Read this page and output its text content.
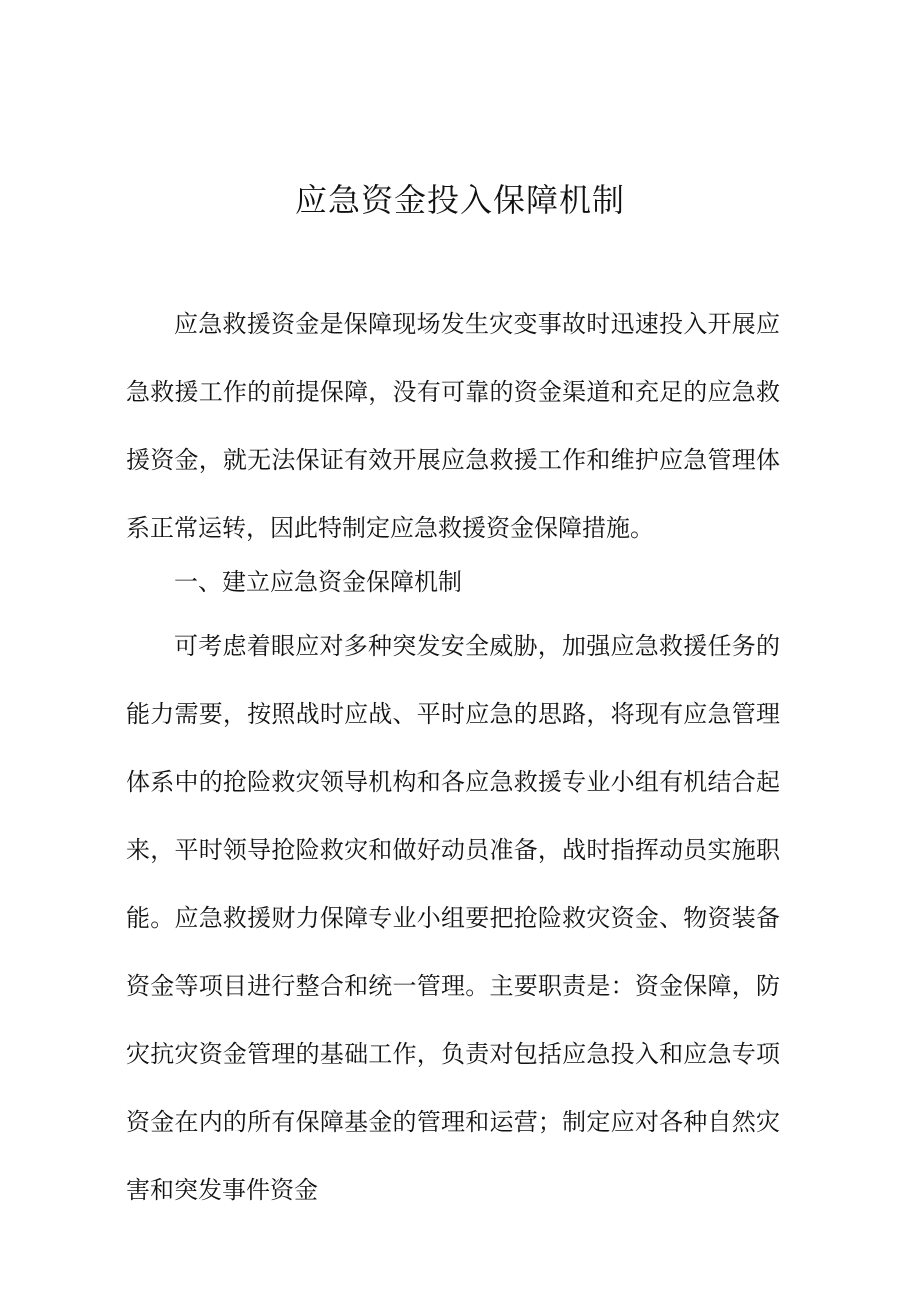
应急资金投入保障机制

应急救援资金是保障现场发生灾变事故时迅速投入开展应急救援工作的前提保障，没有可靠的资金渠道和充足的应急救援资金，就无法保证有效开展应急救援工作和维护应急管理体系正常运转，因此特制定应急救援资金保障措施。

一、建立应急资金保障机制

可考虑着眼应对多种突发安全威胁，加强应急救援任务的能力需要，按照战时应战、平时应急的思路，将现有应急管理体系中的抢险救灾领导机构和各应急救援专业小组有机结合起来，平时领导抢险救灾和做好动员准备，战时指挥动员实施职能。应急救援财力保障专业小组要把抢险救灾资金、物资装备资金等项目进行整合和统一管理。主要职责是：资金保障，防灾抗灾资金管理的基础工作，负责对包括应急投入和应急专项资金在内的所有保障基金的管理和运营；制定应对各种自然灾害和突发事件资金
